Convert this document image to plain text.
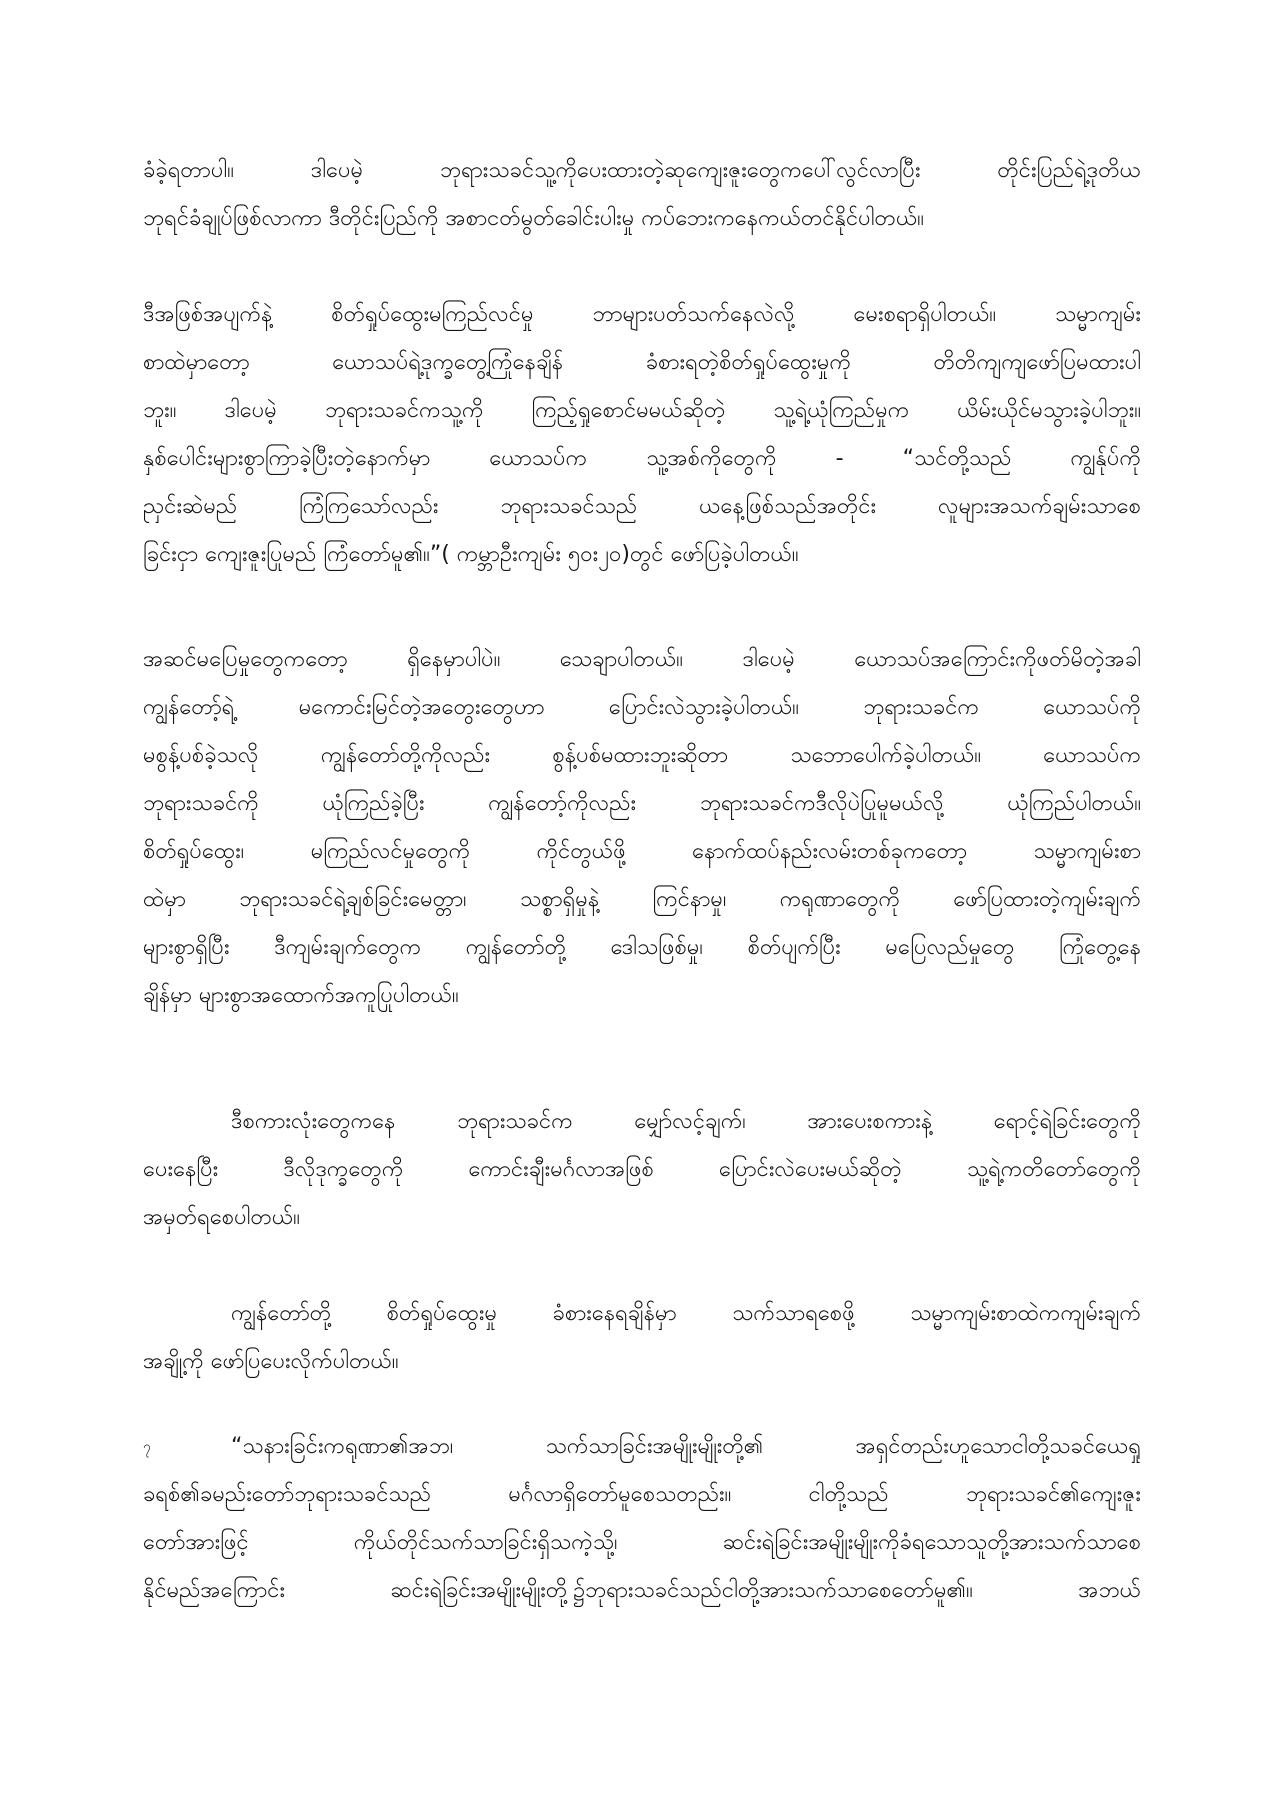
ခံခဲ့ရတာပါ။ ဒါပေမဲ့ ဘုရားသခင်သူ့ကိုပေးထားတဲ့ဆုကျေးဇူးတွေကပေါ်လွင်လာပြီး တိုင်းပြည်ရဲ့ဒုတိယ
ဘုရင်ခံချုပ်ဖြစ်လာကာ ဒီတိုင်းပြည်ကို အစာငတ်မွတ်ခေါင်းပါးမှု ကပ်ဘေးကနေကယ်တင်နိုင်ပါတယ်။
ဒီအဖြစ်အပျက်နဲ့ စိတ်ရှုပ်ထွေးမကြည်လင်မှု ဘာများပတ်သက်နေလဲလို့ မေးစရာရှိပါတယ်။ သမ္မာကျမ်း
စာထဲမှာတော့ ယောသပ်ရဲ့ဒုက္ခတွေ့ကြုံနေချိန် ခံစားရတဲ့စိတ်ရှုပ်ထွေးမှုကို တိတိကျကျဖော်ပြမထားပါ
ဘူး။ ဒါပေမဲ့ ဘုရားသခင်ကသူ့ကို ကြည့်ရှုစောင်မမယ်ဆိုတဲ့ သူ့ရဲ့ယုံကြည်မှုက ယိမ်းယိုင်မသွားခဲ့ပါဘူး။
နှစ်ပေါင်းများစွာကြာခဲ့ပြီးတဲ့နောက်မှာ ယောသပ်က သူ့အစ်ကိုတွေကို - “သင်တို့သည် ကျွန်ုပ်ကို
ညှင်းဆဲမည် ကြံကြသော်လည်း ဘုရားသခင်သည် ယနေ့ဖြစ်သည်အတိုင်း လူများအသက်ချမ်းသာစေ
ခြင်းငှာ ကျေးဇူးပြုမည် ကြံတော်မူ၏။”( ကမ္ဘာဦးကျမ်း ၅၀း၂၀)တွင် ဖော်ပြခဲ့ပါတယ်။
အဆင်မပြေမှုတွေကတော့ ရှိနေမှာပါပဲ။ သေချာပါတယ်။ ဒါပေမဲ့ ယောသပ်အကြောင်းကိုဖတ်မိတဲ့အခါ
ကျွန်တော့်ရဲ့ မကောင်းမြင်တဲ့အတွေးတွေဟာ ပြောင်းလဲသွားခဲ့ပါတယ်။ ဘုရားသခင်က ယောသပ်ကို
မစွန့်ပစ်ခဲ့သလို ကျွန်တော်တို့ကိုလည်း စွန့်ပစ်မထားဘူးဆိုတာ သဘောပေါက်ခဲ့ပါတယ်။ ယောသပ်က
ဘုရားသခင်ကို ယုံကြည်ခဲ့ပြီး ကျွန်တော့်ကိုလည်း ဘုရားသခင်ကဒီလိုပဲပြုမူမယ်လို့ ယုံကြည်ပါတယ်။
စိတ်ရှုပ်ထွေး၊ မကြည်လင်မှုတွေကို ကိုင်တွယ်ဖို့ နောက်ထပ်နည်းလမ်းတစ်ခုကတော့ သမ္မာကျမ်းစာ
ထဲမှာ ဘုရားသခင်ရဲ့ချစ်ခြင်းမေတ္တာ၊ သစ္စာရှိမှုနဲ့ ကြင်နာမှု၊ ကရုဏာတွေကို ဖော်ပြထားတဲ့ကျမ်းချက်
များစွာရှိပြီး ဒီကျမ်းချက်တွေက ကျွန်တော်တို့ ဒေါသဖြစ်မှု၊ စိတ်ပျက်ပြီး မပြေလည်မှုတွေ ကြုံတွေ့နေ
ချိန်မှာ များစွာအထောက်အကူပြုပါတယ်။
ဒီစကားလုံးတွေကနေ ဘုရားသခင်က မျှော်လင့်ချက်၊ အားပေးစကားနဲ့ ရောင့်ရဲခြင်းတွေကို
ပေးနေပြီး ဒီလိုဒုက္ခတွေကို ကောင်းချီးမင်္ဂလာအဖြစ် ပြောင်းလဲပေးမယ်ဆိုတဲ့ သူ့ရဲ့ကတိတော်တွေကို
အမှတ်ရစေပါတယ်။
ကျွန်တော်တို့ စိတ်ရှုပ်ထွေးမှု ခံစားနေရချိန်မှာ သက်သာရစေဖို့ သမ္မာကျမ်းစာထဲကကျမ်းချက်
အချို့ကို ဖော်ပြပေးလိုက်ပါတယ်။
၇	“သနားခြင်းကရုဏာ၏အဘ၊ သက်သာခြင်းအမျိုးမျိုးတို့၏ အရှင်တည်းဟူသောငါတို့သခင်ယေရှု
ခရစ်၏ခမည်းတော်ဘုရားသခင်သည် မင်္ဂလာရှိတော်မူစေသတည်း။ ငါတို့သည် ဘုရားသခင်၏ကျေးဇူး
တော်အားဖြင့် ကိုယ်တိုင်သက်သာခြင်းရှိသကဲ့သို့၊ ဆင်းရဲခြင်းအမျိုးမျိုးကိုခံရသောသူတို့အားသက်သာစေ
နိုင်မည်အကြောင်း ဆင်းရဲခြင်းအမျိုးမျိုးတို့၌ဘုရားသခင်သည်ငါတို့အားသက်သာစေတော်မူ၏။ အဘယ်
